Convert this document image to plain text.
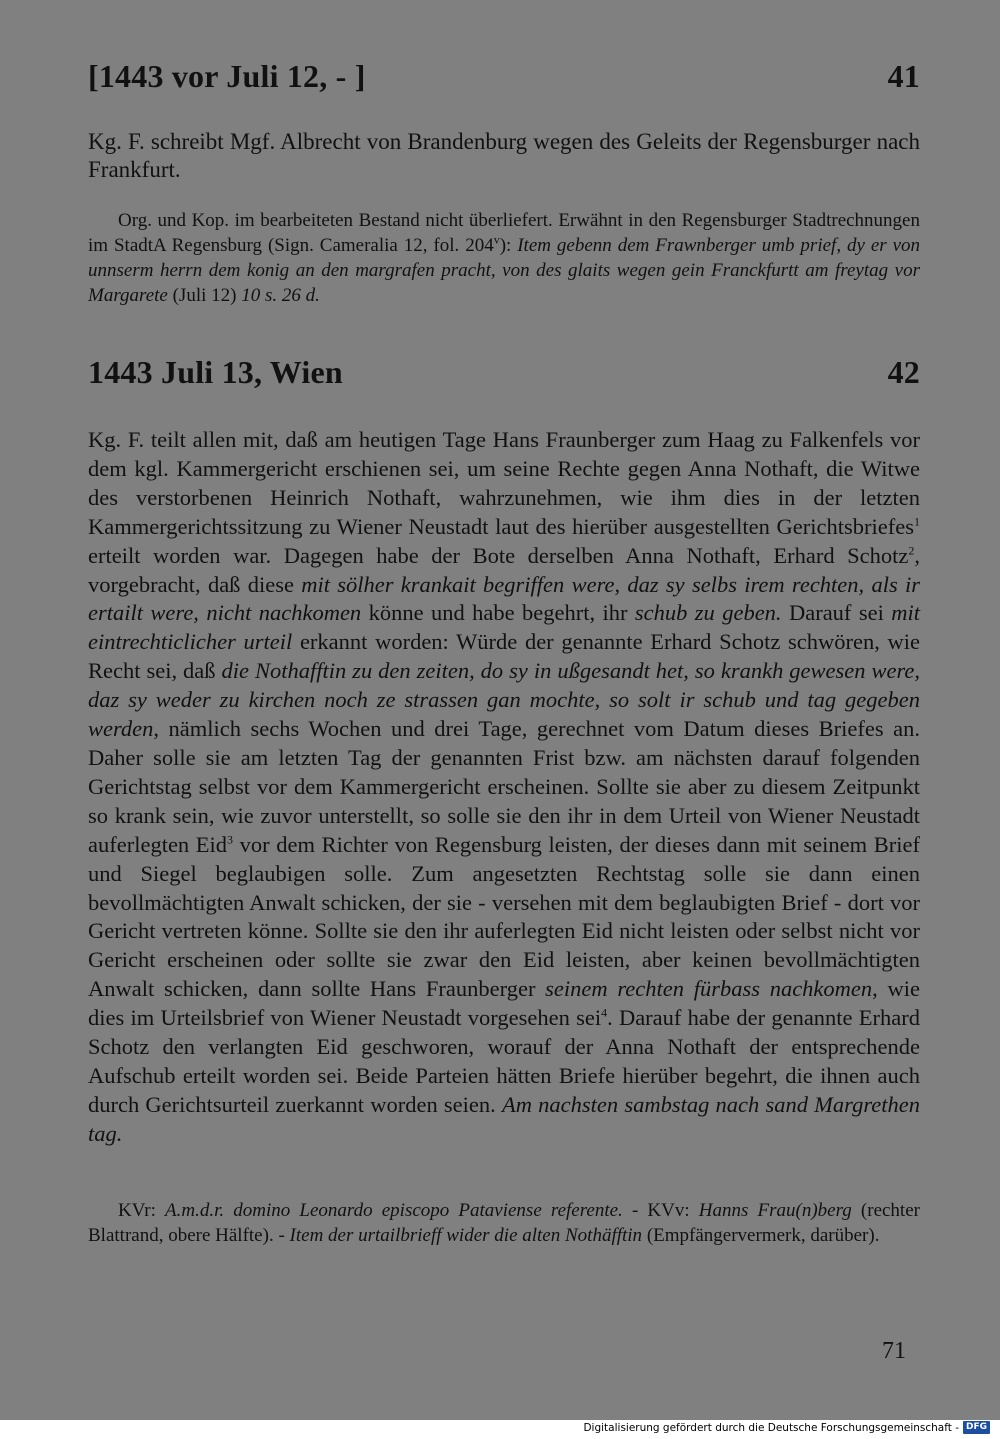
[1443 vor Juli 12, - ]	41

Kg. F. schreibt Mgf. Albrecht von Brandenburg wegen des Geleits der Regensburger nach Frankfurt.

Org. und Kop. im bearbeiteten Bestand nicht überliefert. Erwähnt in den Regensburger Stadtrechnungen im StadtA Regensburg (Sign. Cameralia 12, fol. 204$^v$): Item gebenn dem Frawnberger umb prief, dy er von unnserm herrn dem konig an den margrafen pracht, von des glaits wegen gein Franckfurtt am freytag vor Margarete (Juli 12) 10 s. 26 d.

1443 Juli 13, Wien	42

Kg. F. teilt allen mit, daß am heutigen Tage Hans Fraunberger zum Haag zu Falkenfels vor dem kgl. Kammergericht erschienen sei, um seine Rechte gegen Anna Nothaft, die Witwe des verstorbenen Heinrich Nothaft, wahrzunehmen, wie ihm dies in der letzten Kammergerichtssitzung zu Wiener Neustadt laut des hierüber ausgestellten Gerichtsbriefes$^1$ erteilt worden war. Dagegen habe der Bote derselben Anna Nothaft, Erhard Schotz$^2$, vorgebracht, daß diese mit sölher krankait begriffen were, daz sy selbs irem rechten, als ir ertailt were, nicht nachkomen könne und habe begehrt, ihr schub zu geben. Darauf sei mit eintrechticlicher urteil erkannt worden: Würde der genannte Erhard Schotz schwören, wie Recht sei, daß die Nothafftin zu den zeiten, do sy in ußgesandt het, so krankh gewesen were, daz sy weder zu kirchen noch ze strassen gan mochte, so solt ir schub und tag gegeben werden, nämlich sechs Wochen und drei Tage, gerechnet vom Datum dieses Briefes an. Daher solle sie am letzten Tag der genannten Frist bzw. am nächsten darauf folgenden Gerichtstag selbst vor dem Kammergericht erscheinen. Sollte sie aber zu diesem Zeitpunkt so krank sein, wie zuvor unterstellt, so solle sie den ihr in dem Urteil von Wiener Neustadt auferlegten Eid$^3$ vor dem Richter von Regensburg leisten, der dieses dann mit seinem Brief und Siegel beglaubigen solle. Zum angesetzten Rechtstag solle sie dann einen bevollmächtigten Anwalt schicken, der sie - versehen mit dem beglaubigten Brief - dort vor Gericht vertreten könne. Sollte sie den ihr auferlegten Eid nicht leisten oder selbst nicht vor Gericht erscheinen oder sollte sie zwar den Eid leisten, aber keinen bevollmächtigten Anwalt schicken, dann sollte Hans Fraunberger seinem rechten fürbass nachkomen, wie dies im Urteilsbrief von Wiener Neustadt vorgesehen sei$^4$. Darauf habe der genannte Erhard Schotz den verlangten Eid geschworen, worauf der Anna Nothaft der entsprechende Aufschub erteilt worden sei. Beide Parteien hätten Briefe hierüber begehrt, die ihnen auch durch Gerichtsurteil zuerkannt worden seien. Am nachsten sambstag nach sand Margrethen tag.

KVr: A.m.d.r. domino Leonardo episcopo Pataviense referente. - KVv: Hanns Frau(n)berg (rechter Blattrand, obere Hälfte). - Item der urtailbrieff wider die alten Nothäfftin (Empfängervermerk, darüber).

71
Digitalisierung gefördert durch die Deutsche Forschungsgemeinschaft - DFG
